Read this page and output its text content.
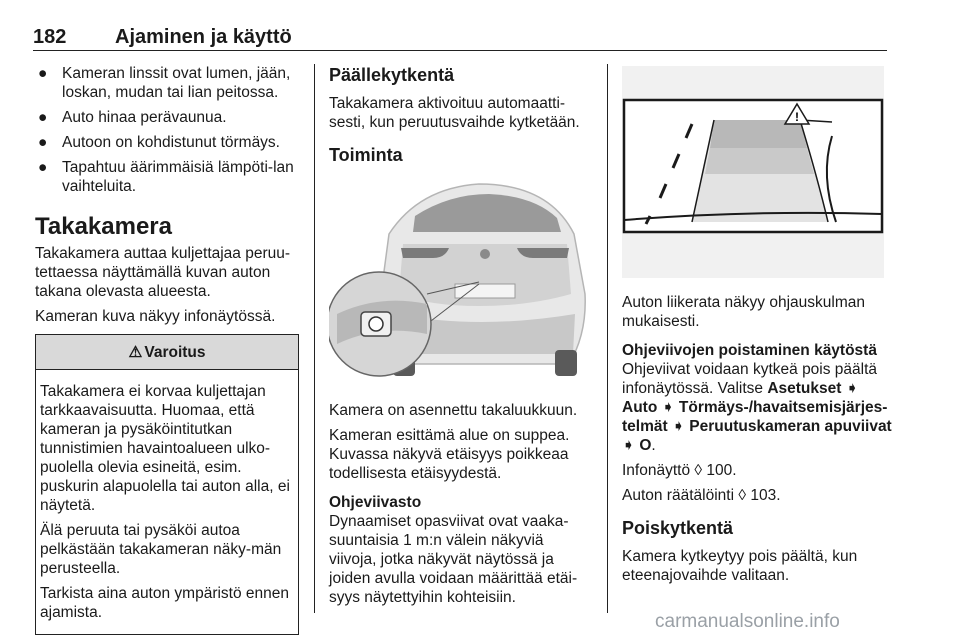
182 Ajaminen ja käyttö
● Kameran linssit ovat lumen, jään, loskan, mudan tai lian peitossa.
● Auto hinaa perävaunua.
● Autoon on kohdistunut törmäys.
● Tapahtuu äärimmäisiä lämpöti-lan vaihteluita.
Takakamera

Takakamera auttaa kuljettajaa peruu-tettaessa näyttämällä kuvan auton takana olevasta alueesta.

Kameran kuva näkyy infonäytössä.

⚠ Varoitus

Takakamera ei korvaa kuljettajan tarkkaavaisuutta. Huomaa, että kameran ja pysäköintitutkan tunnistimien havaintoalueen ulko-puolella olevia esineitä, esim. puskurin alapuolella tai auton alla, ei näytetä.

Älä peruuta tai pysäköi autoa pelkästään takakameran näky-män perusteella.

Tarkista aina auton ympäristö ennen ajamista.

Päällekytkentä

Takakamera aktivoituu automaatti-sesti, kun peruutusvaihde kytketään.

Toiminta

Kamera on asennettu takaluukkuun.

Kameran esittämä alue on suppea. Kuvassa näkyvä etäisyys poikkeaa todellisesta etäisyydestä.

Ohjeviivasto

Dynaamiset opasviivat ovat vaaka-suuntaisia 1 m:n välein näkyviä viivoja, jotka näkyvät näytössä ja joiden avulla voidaan määrittää etäi-syys näytettyihin kohteisiin.

!

Auton liikerata näkyy ohjauskulman mukaisesti.

Ohjeviivojen poistaminen käytöstä

Ohjeviivat voidaan kytkeä pois päältä infonäytössä. Valitse Asetukset ➧ Auto ➧ Törmäys-/havaitsemisjärjes-telmät ➧ Peruutuskameran apuviivat ➧ O.

Infonäyttö ◊ 100.

Auton räätälöinti ◊ 103.

Poiskytkentä

Kamera kytkeytyy pois päältä, kun eteenajovaihde valitaan.

carmanualsonline.info
